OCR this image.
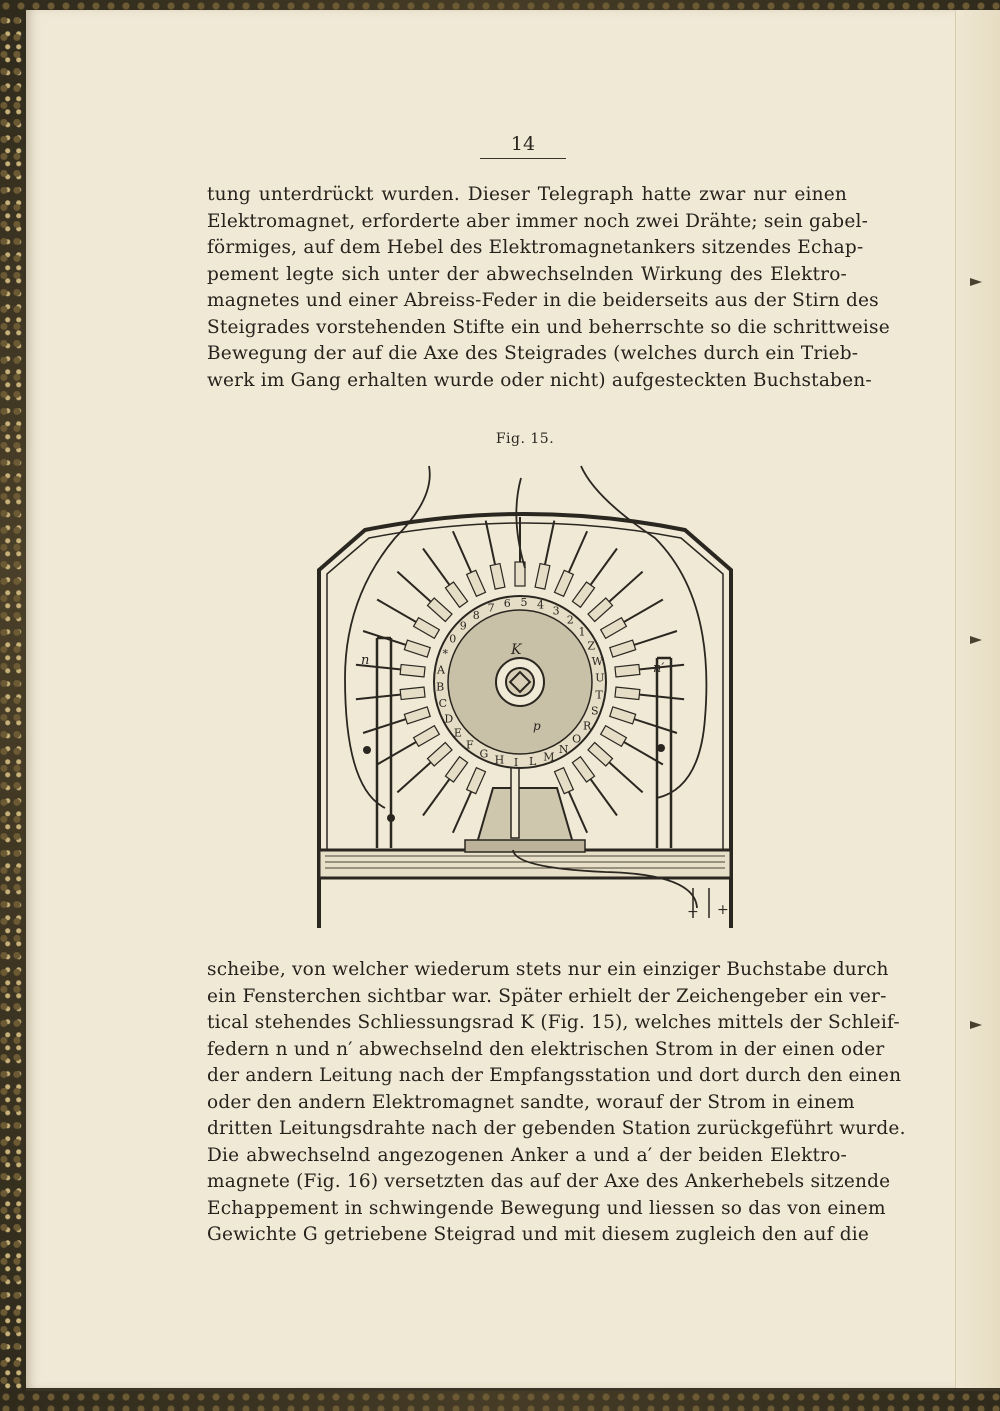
14
tung unterdrückt wurden. Dieser Telegraph hatte zwar nur einen
Elektromagnet, erforderte aber immer noch zwei Drähte; sein gabel-
förmiges, auf dem Hebel des Elektromagnetankers sitzendes Echap-
pement legte sich unter der abwechselnden Wirkung des Elektro-
magnetes und einer Abreiss-Feder in die beiderseits aus der Stirn des
Steigrades vorstehenden Stifte ein und beherrschte so die schrittweise
Bewegung der auf die Axe des Steigrades (welches durch ein Trieb-
werk im Gang erhalten wurde oder nicht) aufgesteckten Buchstaben-
Fig. 15.
K
p
n
n′
− +
5 4 3
2
1
Z
W
U
T
S
R
O
N
M
L
I
H
G
F
E
D
C
B
A
*
0
9
8
7 6
scheibe, von welcher wiederum stets nur ein einziger Buchstabe durch
ein Fensterchen sichtbar war. Später erhielt der Zeichengeber ein ver-
tical stehendes Schliessungsrad K (Fig. 15), welches mittels der Schleif-
federn n und n′ abwechselnd den elektrischen Strom in der einen oder
der andern Leitung nach der Empfangsstation und dort durch den einen
oder den andern Elektromagnet sandte, worauf der Strom in einem
dritten Leitungsdrahte nach der gebenden Station zurückgeführt wurde.
Die abwechselnd angezogenen Anker a und a′ der beiden Elektro-
magnete (Fig. 16) versetzten das auf der Axe des Ankerhebels sitzende
Echappement in schwingende Bewegung und liessen so das von einem
Gewichte G getriebene Steigrad und mit diesem zugleich den auf die
